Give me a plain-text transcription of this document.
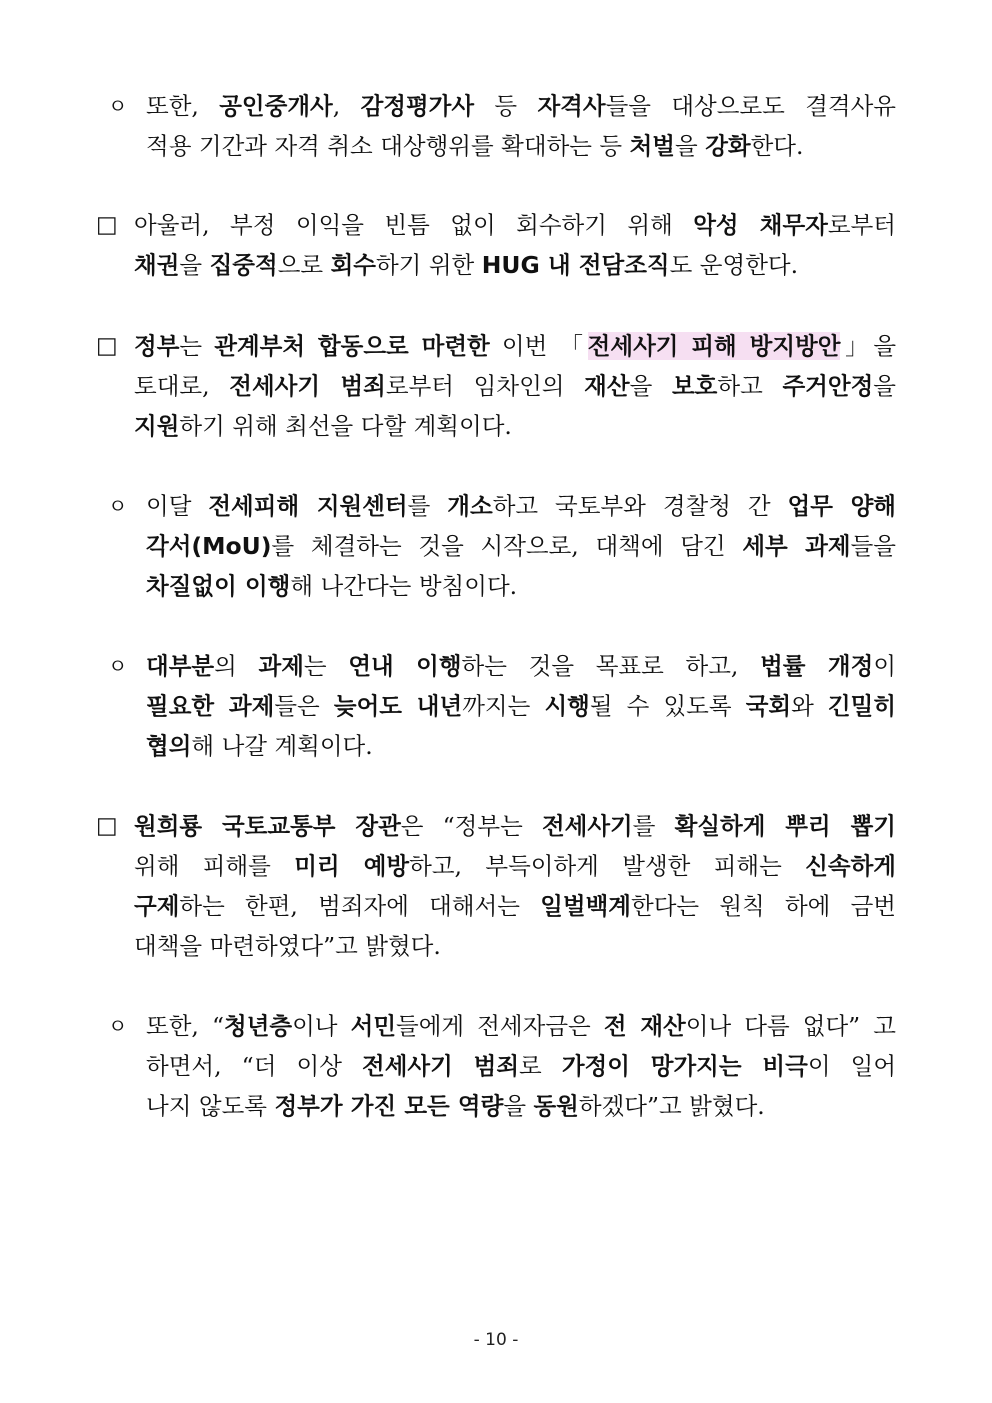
ㅇ 또한, 공인중개사, 감정평가사 등 자격사들을 대상으로도 결격사유
적용 기간과 자격 취소 대상행위를 확대하는 등 처벌을 강화한다.
□ 아울러, 부정 이익을 빈틈 없이 회수하기 위해 악성 채무자로부터
채권을 집중적으로 회수하기 위한 HUG 내 전담조직도 운영한다.
□ 정부는 관계부처 합동으로 마련한 이번 「전세사기 피해 방지방안」을
토대로, 전세사기 범죄로부터 임차인의 재산을 보호하고 주거안정을
지원하기 위해 최선을 다할 계획이다.
ㅇ 이달 전세피해 지원센터를 개소하고 국토부와 경찰청 간 업무 양해
각서(MoU)를 체결하는 것을 시작으로, 대책에 담긴 세부 과제들을
차질없이 이행해 나간다는 방침이다.
ㅇ 대부분의 과제는 연내 이행하는 것을 목표로 하고, 법률 개정이
필요한 과제들은 늦어도 내년까지는 시행될 수 있도록 국회와 긴밀히
협의해 나갈 계획이다.
□ 원희룡 국토교통부 장관은 “정부는 전세사기를 확실하게 뿌리 뽑기
위해 피해를 미리 예방하고, 부득이하게 발생한 피해는 신속하게
구제하는 한편, 범죄자에 대해서는 일벌백계한다는 원칙 하에 금번
대책을 마련하였다”고 밝혔다.
ㅇ 또한, “청년층이나 서민들에게 전세자금은 전 재산이나 다름 없다” 고
하면서, “더 이상 전세사기 범죄로 가정이 망가지는 비극이 일어
나지 않도록 정부가 가진 모든 역량을 동원하겠다”고 밝혔다.
- 10 -
